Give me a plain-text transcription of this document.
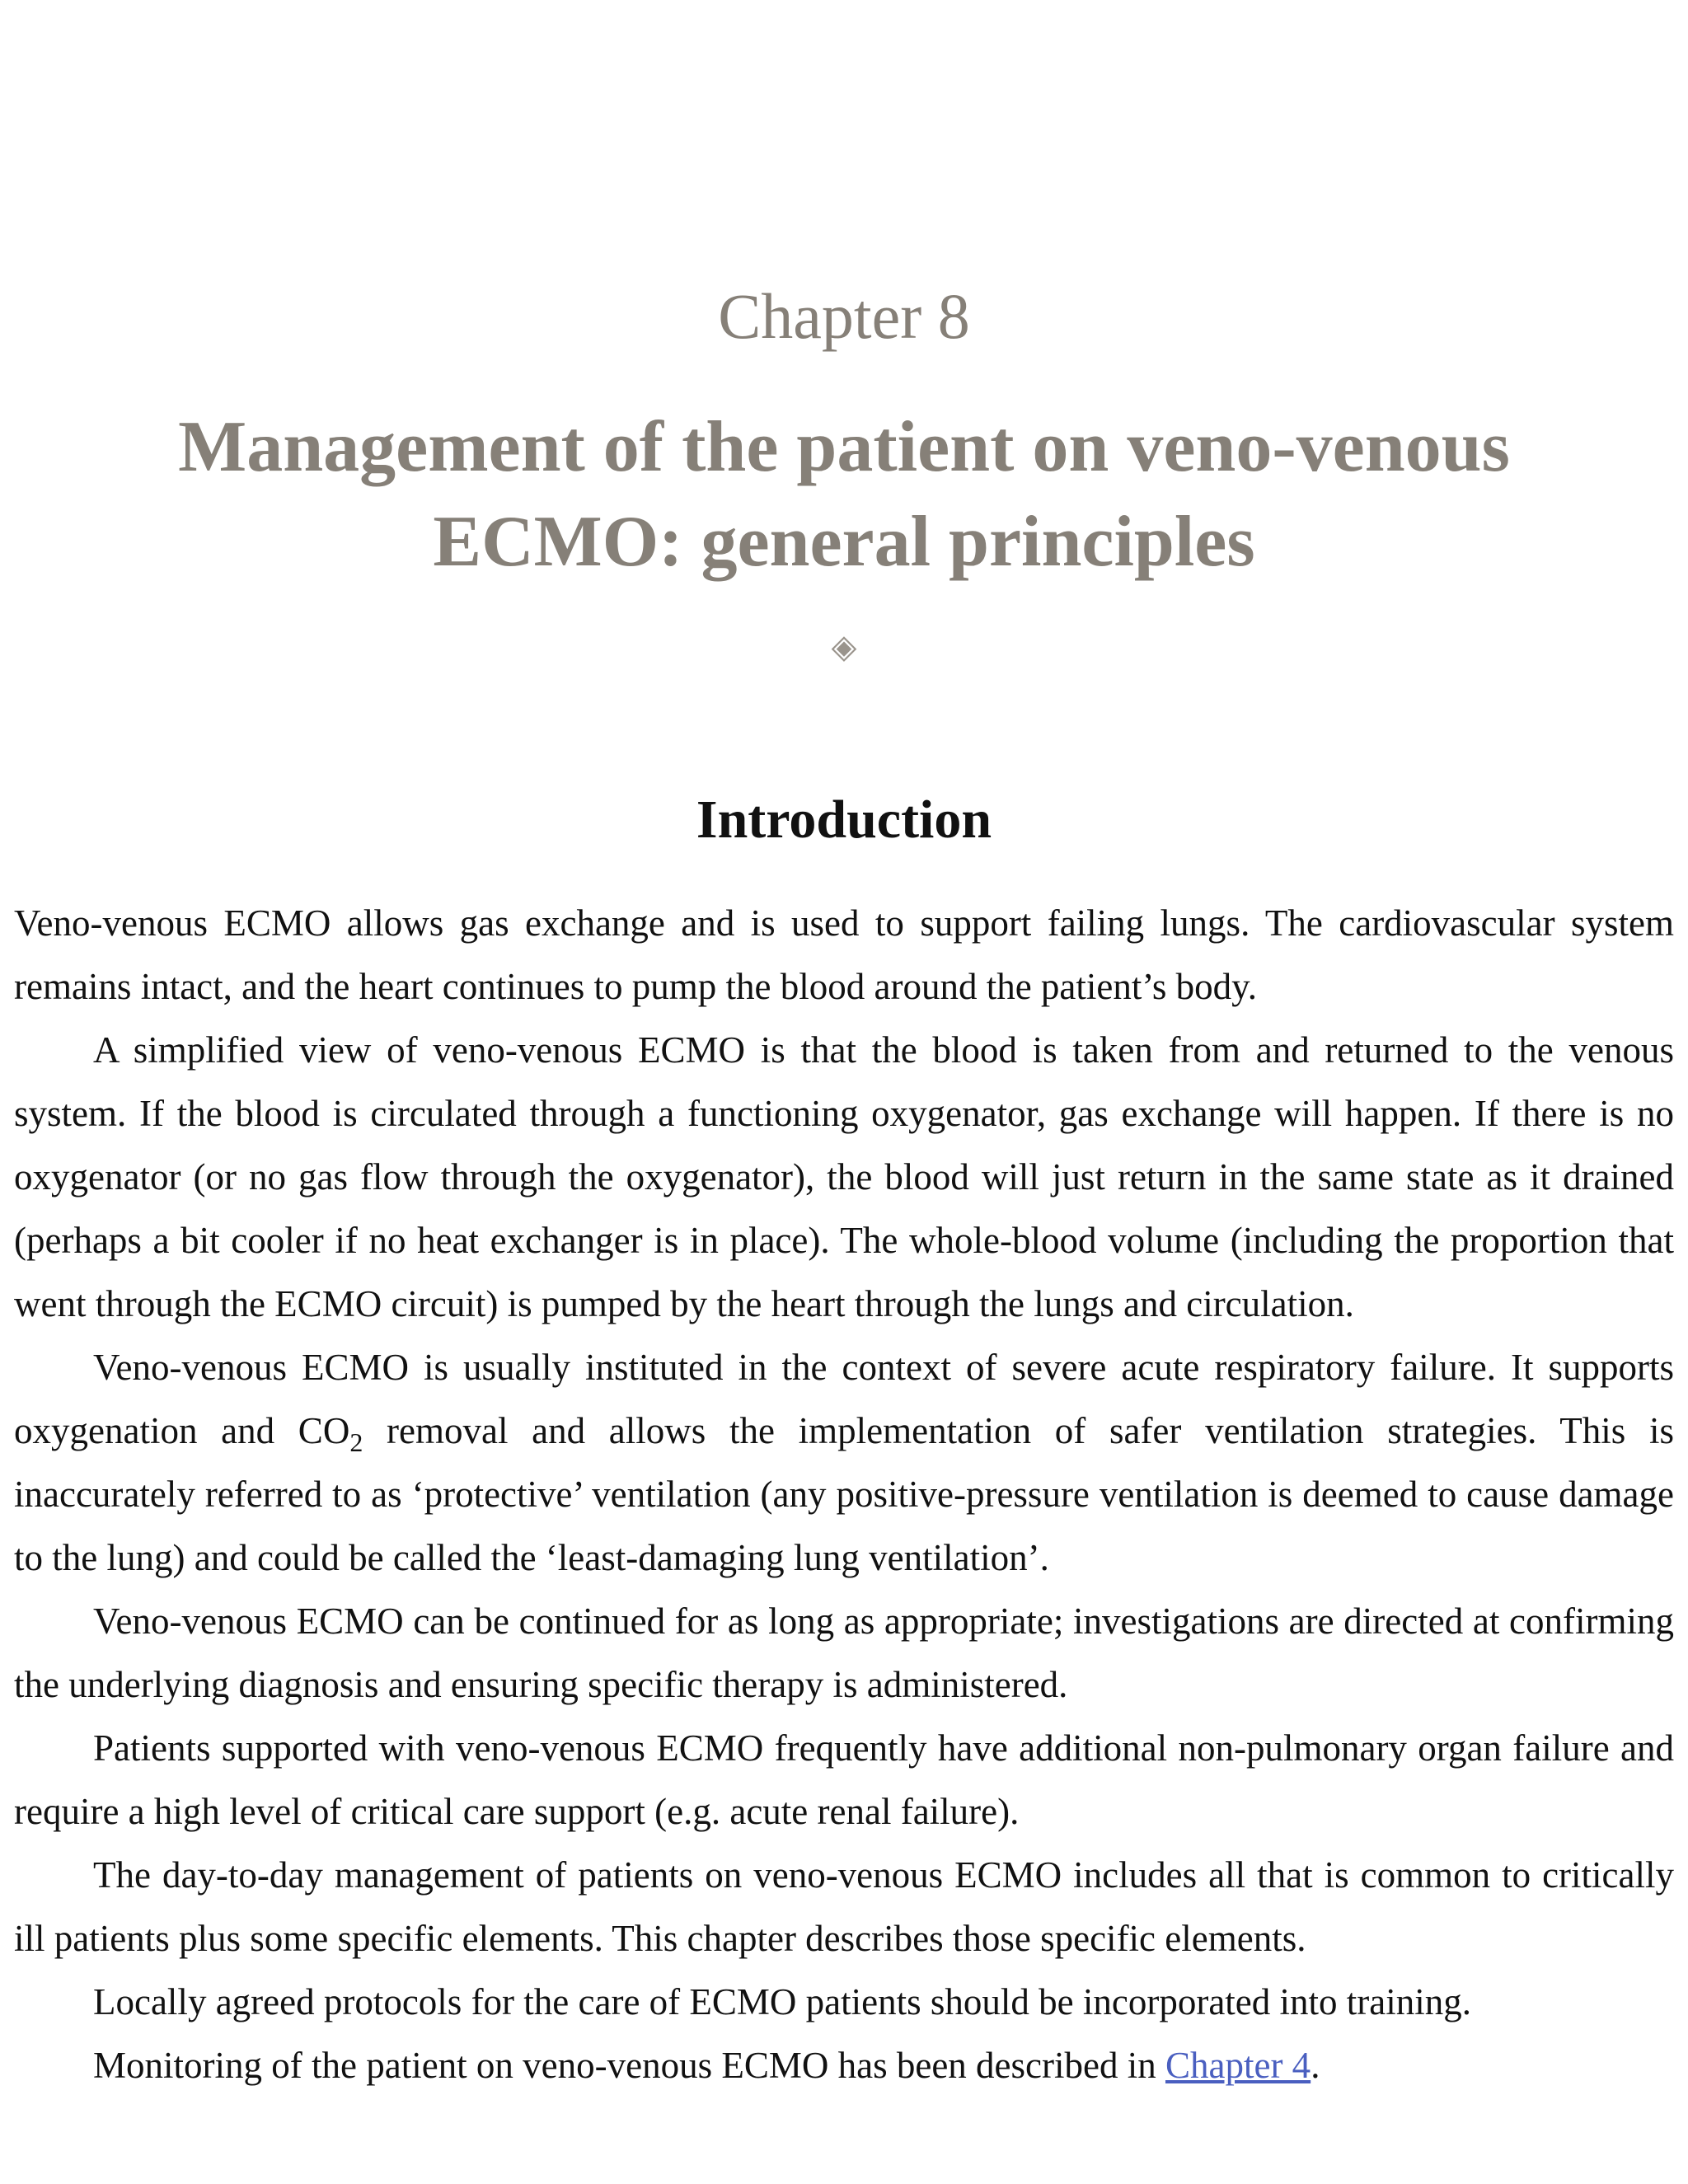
Chapter 8
Management of the patient on veno-venous
ECMO: general principles
◈
Introduction

Veno-venous ECMO allows gas exchange and is used to support failing lungs. The cardiovascular system remains intact, and the heart continues to pump the blood around the patient’s body.

A simplified view of veno-venous ECMO is that the blood is taken from and returned to the venous system. If the blood is circulated through a functioning oxygenator, gas exchange will happen. If there is no oxygenator (or no gas flow through the oxygenator), the blood will just return in the same state as it drained (perhaps a bit cooler if no heat exchanger is in place). The whole-blood volume (including the proportion that went through the ECMO circuit) is pumped by the heart through the lungs and circulation.

Veno-venous ECMO is usually instituted in the context of severe acute respiratory failure. It supports oxygenation and $CO_2$ removal and allows the implementation of safer ventilation strategies. This is inaccurately referred to as ‘protective’ ventilation (any positive-pressure ventilation is deemed to cause damage to the lung) and could be called the ‘least-damaging lung ventilation’.

Veno-venous ECMO can be continued for as long as appropriate; investigations are directed at confirming the underlying diagnosis and ensuring specific therapy is administered.

Patients supported with veno-venous ECMO frequently have additional non-pulmonary organ failure and require a high level of critical care support (e.g. acute renal failure).

The day-to-day management of patients on veno-venous ECMO includes all that is common to critically ill patients plus some specific elements. This chapter describes those specific elements.

Locally agreed protocols for the care of ECMO patients should be incorporated into training.

Monitoring of the patient on veno-venous ECMO has been described in Chapter 4.
